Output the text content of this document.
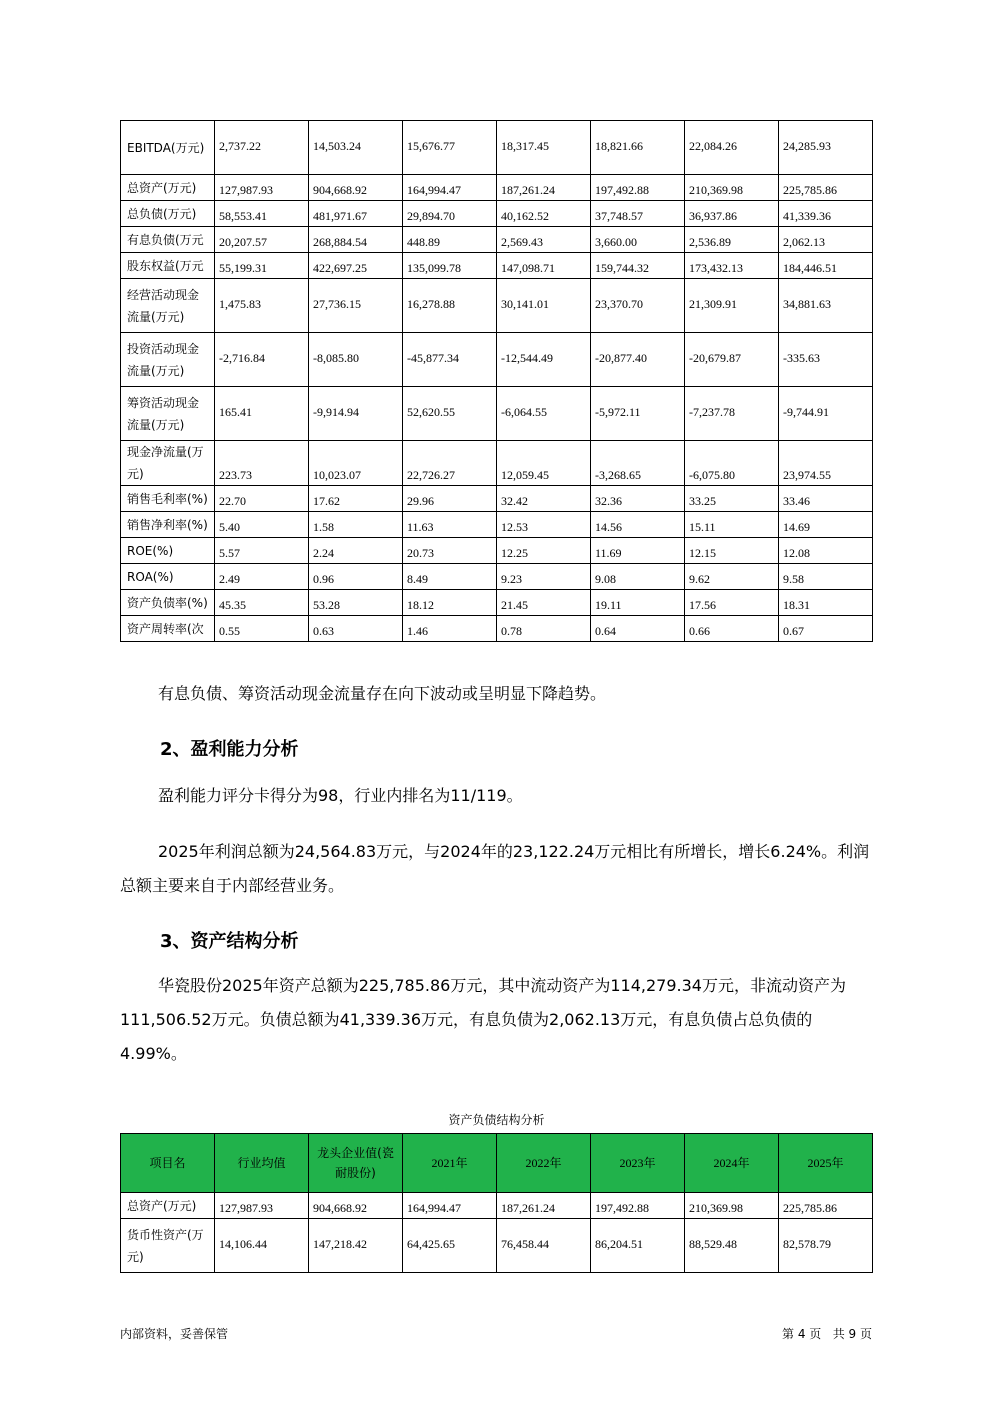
EBITDA(万元)	2,737.22	14,503.24	15,676.77	18,317.45	18,821.66	22,084.26	24,285.93
总资产(万元)	127,987.93	904,668.92	164,994.47	187,261.24	197,492.88	210,369.98	225,785.86
总负债(万元)	58,553.41	481,971.67	29,894.70	40,162.52	37,748.57	36,937.86	41,339.36
有息负债(万元	20,207.57	268,884.54	448.89	2,569.43	3,660.00	2,536.89	2,062.13
股东权益(万元	55,199.31	422,697.25	135,099.78	147,098.71	159,744.32	173,432.13	184,446.51
经营活动现金流量(万元)	1,475.83	27,736.15	16,278.88	30,141.01	23,370.70	21,309.91	34,881.63
投资活动现金流量(万元)	-2,716.84	-8,085.80	-45,877.34	-12,544.49	-20,877.40	-20,679.87	-335.63
筹资活动现金流量(万元)	165.41	-9,914.94	52,620.55	-6,064.55	-5,972.11	-7,237.78	-9,744.91
现金净流量(万元)	223.73	10,023.07	22,726.27	12,059.45	-3,268.65	-6,075.80	23,974.55
销售毛利率(%)	22.70	17.62	29.96	32.42	32.36	33.25	33.46
销售净利率(%)	5.40	1.58	11.63	12.53	14.56	15.11	14.69
ROE(%)	5.57	2.24	20.73	12.25	11.69	12.15	12.08
ROA(%)	2.49	0.96	8.49	9.23	9.08	9.62	9.58
资产负债率(%)	45.35	53.28	18.12	21.45	19.11	17.56	18.31
资产周转率(次	0.55	0.63	1.46	0.78	0.64	0.66	0.67

有息负债、筹资活动现金流量存在向下波动或呈明显下降趋势。

2、盈利能力分析

盈利能力评分卡得分为98，行业内排名为11/119。

2025年利润总额为24,564.83万元，与2024年的23,122.24万元相比有所增长，增长6.24%。利润总额主要来自于内部经营业务。

3、资产结构分析

华瓷股份2025年资产总额为225,785.86万元，其中流动资产为114,279.34万元，非流动资产为111,506.52万元。负债总额为41,339.36万元，有息负债为2,062.13万元，有息负债占总负债的4.99%。

资产负债结构分析
项目名	行业均值	龙头企业值(瓷耐股份)	2021年	2022年	2023年	2024年	2025年
总资产(万元)	127,987.93	904,668.92	164,994.47	187,261.24	197,492.88	210,369.98	225,785.86
货币性资产(万元)	14,106.44	147,218.42	64,425.65	76,458.44	86,204.51	88,529.48	82,578.79
内部资料，妥善保管	第 4 页   共 9 页
